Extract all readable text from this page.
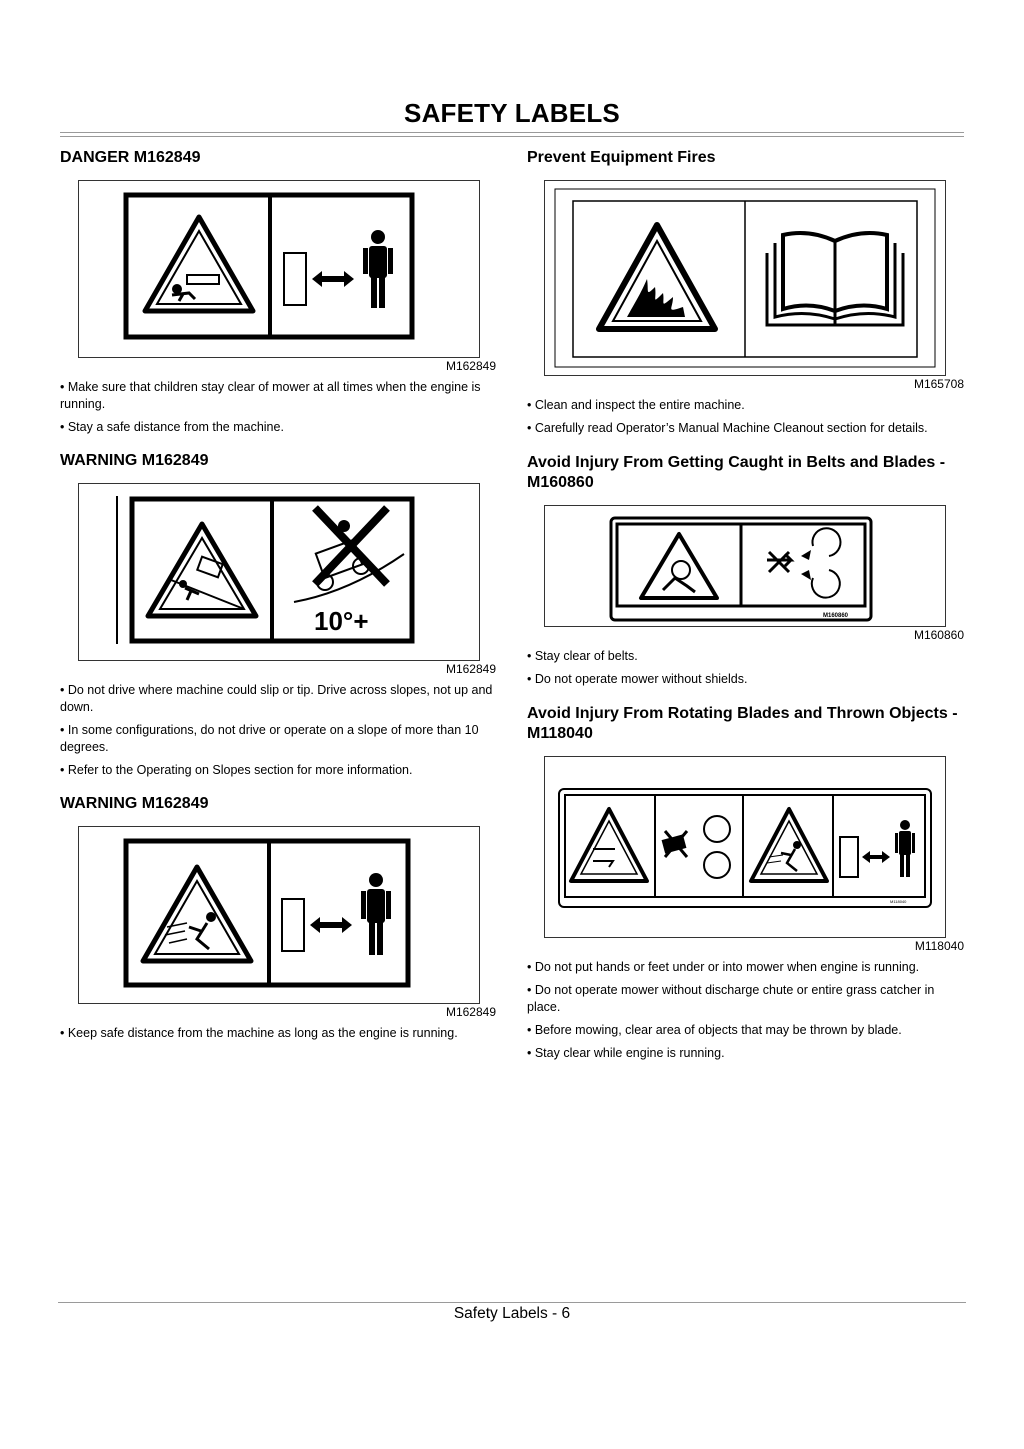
SAFETY LABELS
DANGER M162849
M162849

• Make sure that children stay clear of mower at all times when the engine is running.

• Stay a safe distance from the machine.

WARNING M162849
10°+
M162849

• Do not drive where machine could slip or tip. Drive across slopes, not up and down.

• In some configurations, do not drive or operate on a slope of more than 10 degrees.

• Refer to the Operating on Slopes section for more information.

WARNING M162849
M162849

• Keep safe distance from the machine as long as the engine is running.

Prevent Equipment Fires
M165708

• Clean and inspect the entire machine.

• Carefully read Operator’s Manual Machine Cleanout section for details.

Avoid Injury From Getting Caught in Belts and Blades - M160860
M160860
M160860

• Stay clear of belts.

• Do not operate mower without shields.

Avoid Injury From Rotating Blades and Thrown Objects - M118040
M118040
M118040

• Do not put hands or feet under or into mower when engine is running.

• Do not operate mower without discharge chute or entire grass catcher in place.

• Before mowing, clear area of objects that may be thrown by blade.

• Stay clear while engine is running.

Safety Labels - 6
